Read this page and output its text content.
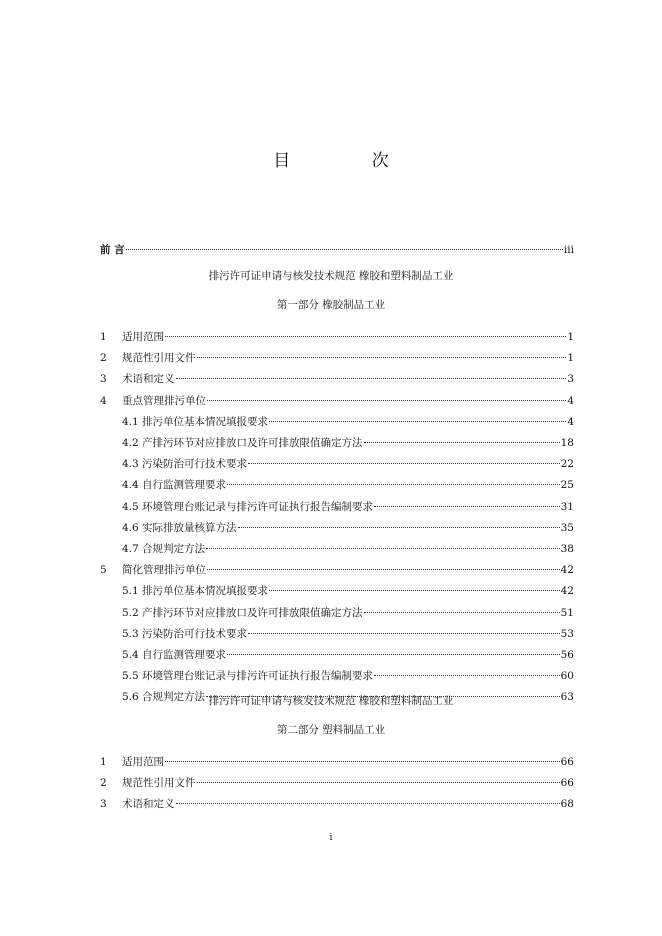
目 次
前 言	iii
排污许可证申请与核发技术规范 橡胶和塑料制品工业
第一部分 橡胶制品工业
1	适用范围	1
2	规范性引用文件	1
3	术语和定义	3
4	重点管理排污单位	4
4.1 排污单位基本情况填报要求	4
4.2 产排污环节对应排放口及许可排放限值确定方法	18
4.3 污染防治可行技术要求	22
4.4 自行监测管理要求	25
4.5 环境管理台账记录与排污许可证执行报告编制要求	31
4.6 实际排放量核算方法	35
4.7 合规判定方法	38
5	简化管理排污单位	42
5.1 排污单位基本情况填报要求	42
5.2 产排污环节对应排放口及许可排放限值确定方法	51
5.3 污染防治可行技术要求	53
5.4 自行监测管理要求	56
5.5 环境管理台账记录与排污许可证执行报告编制要求	60
5.6 合规判定方法	63
排污许可证申请与核发技术规范 橡胶和塑料制品工业
第二部分 塑料制品工业
1	适用范围	66
2	规范性引用文件	66
3	术语和定义	68
i
